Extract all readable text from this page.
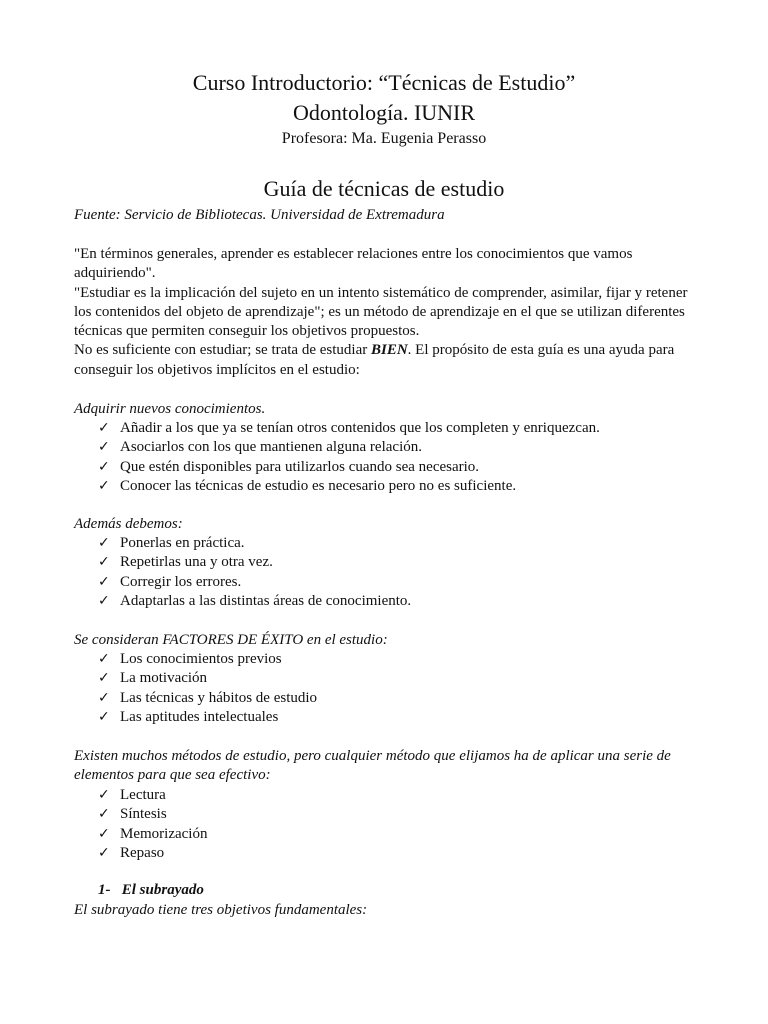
Curso Introductorio: “Técnicas de Estudio”
Odontología. IUNIR
Profesora: Ma. Eugenia Perasso
Guía de técnicas de estudio
Fuente: Servicio de Bibliotecas. Universidad de Extremadura
"En términos generales, aprender es establecer relaciones entre los conocimientos que vamos
adquiriendo".
"Estudiar es la implicación del sujeto en un intento sistemático de comprender, asimilar, fijar y retener
los contenidos del objeto de aprendizaje"; es un método de aprendizaje en el que se utilizan diferentes
técnicas que permiten conseguir los objetivos propuestos.
No es suficiente con estudiar; se trata de estudiar BIEN. El propósito de esta guía es una ayuda para
conseguir los objetivos implícitos en el estudio:
Adquirir nuevos conocimientos.
✓ Añadir a los que ya se tenían otros contenidos que los completen y enriquezcan.
✓ Asociarlos con los que mantienen alguna relación.
✓ Que estén disponibles para utilizarlos cuando sea necesario.
✓ Conocer las técnicas de estudio es necesario pero no es suficiente.
Además debemos:
✓ Ponerlas en práctica.
✓ Repetirlas una y otra vez.
✓ Corregir los errores.
✓ Adaptarlas a las distintas áreas de conocimiento.
Se consideran FACTORES DE ÉXITO en el estudio:
✓ Los conocimientos previos
✓ La motivación
✓ Las técnicas y hábitos de estudio
✓ Las aptitudes intelectuales
Existen muchos métodos de estudio, pero cualquier método que elijamos ha de aplicar una serie de
elementos para que sea efectivo:
✓ Lectura
✓ Síntesis
✓ Memorización
✓ Repaso
1- El subrayado
El subrayado tiene tres objetivos fundamentales:
